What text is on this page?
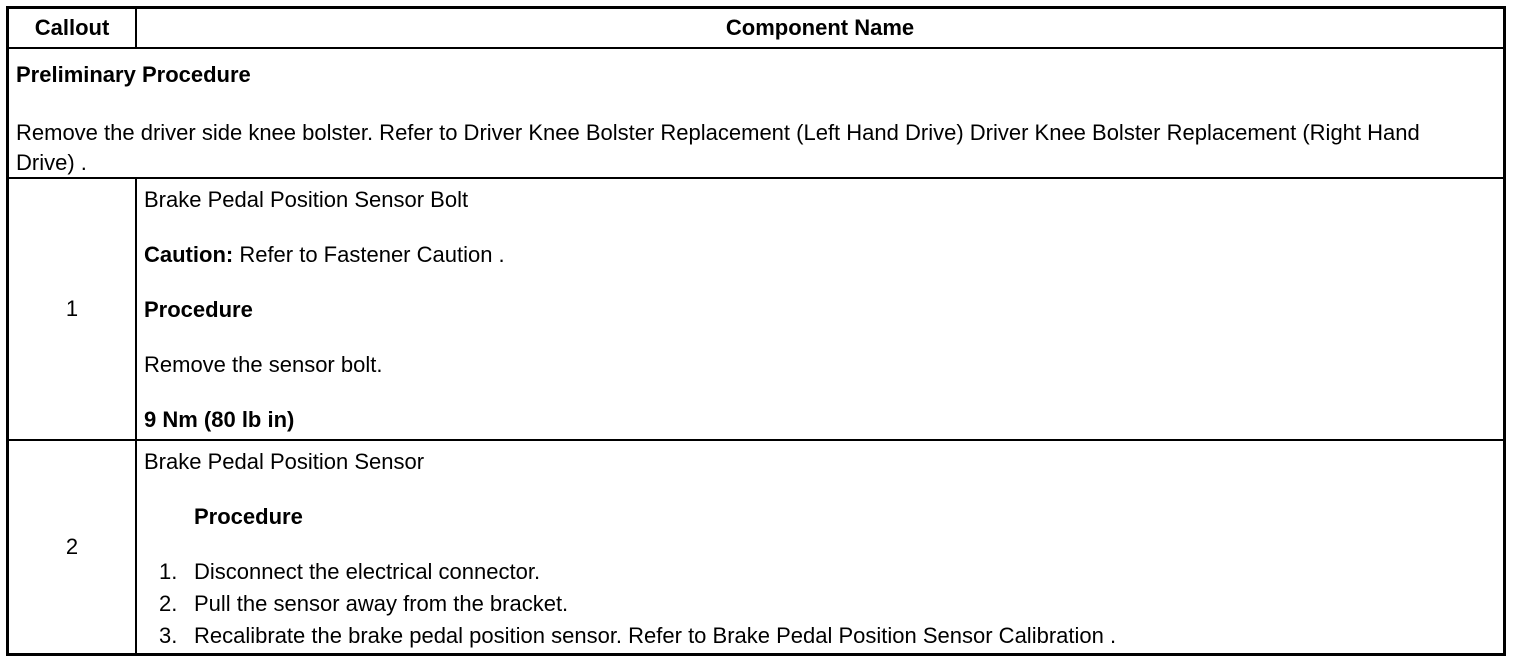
Callout	Component Name
Preliminary Procedure
Remove the driver side knee bolster. Refer to Driver Knee Bolster Replacement (Left Hand Drive) Driver Knee Bolster Replacement (Right Hand Drive) .
1
Brake Pedal Position Sensor Bolt
Caution: Refer to Fastener Caution .
Procedure
Remove the sensor bolt.
9 Nm (80 lb in)
2
Brake Pedal Position Sensor
Procedure
1. Disconnect the electrical connector.
2. Pull the sensor away from the bracket.
3. Recalibrate the brake pedal position sensor. Refer to Brake Pedal Position Sensor Calibration .
